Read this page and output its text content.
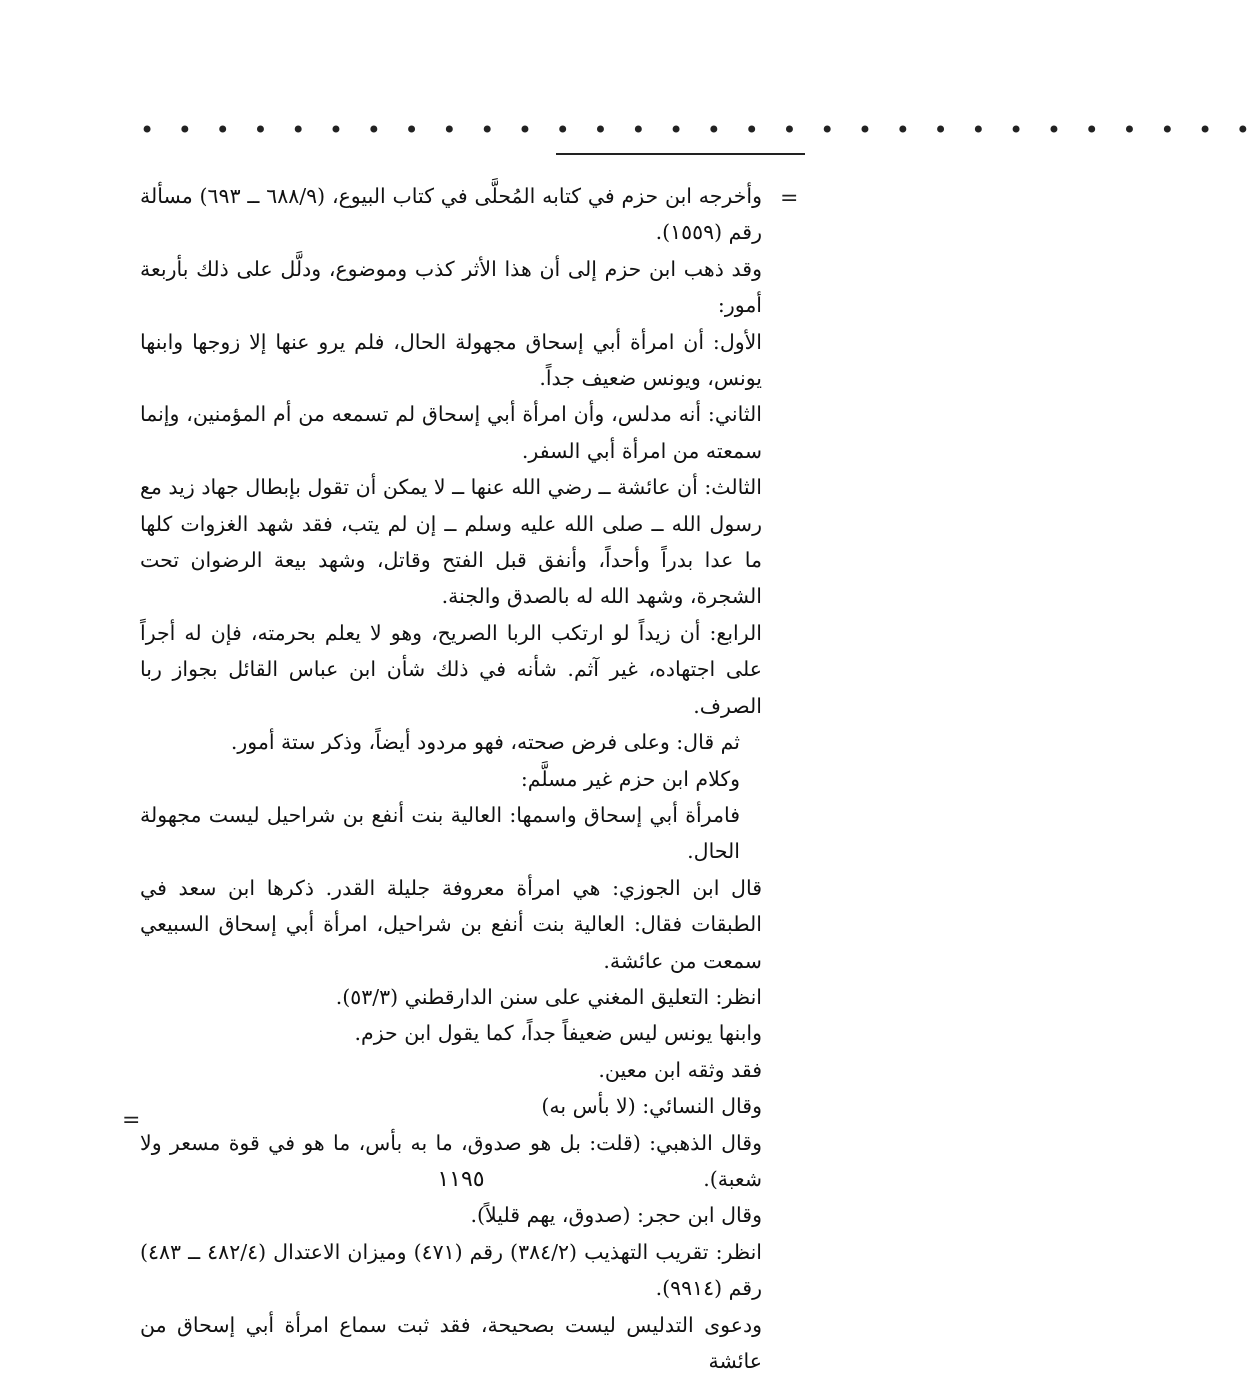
• • • • • • • • • • • • • • • • • • • • • • • • • • • • • •
=
=

وأخرجه ابن حزم في كتابه المُحلَّى في كتاب البيوع، (٦٨٨/٩ ــ ٦٩٣) مسألة رقم (١٥٥٩).

وقد ذهب ابن حزم إلى أن هذا الأثر كذب وموضوع، ودلَّل على ذلك بأربعة أمور:

الأول: أن امرأة أبي إسحاق مجهولة الحال، فلم يرو عنها إلا زوجها وابنها يونس، ويونس ضعيف جداً.

الثاني: أنه مدلس، وأن امرأة أبي إسحاق لم تسمعه من أم المؤمنين، وإنما سمعته من امرأة أبي السفر.

الثالث: أن عائشة ــ رضي الله عنها ــ لا يمكن أن تقول بإبطال جهاد زيد مع رسول الله ــ صلى الله عليه وسلم ــ إن لم يتب، فقد شهد الغزوات كلها ما عدا بدراً وأحداً، وأنفق قبل الفتح وقاتل، وشهد بيعة الرضوان تحت الشجرة، وشهد الله له بالصدق والجنة.

الرابع: أن زيداً لو ارتكب الربا الصريح، وهو لا يعلم بحرمته، فإن له أجراً على اجتهاده، غير آثم. شأنه في ذلك شأن ابن عباس القائل بجواز ربا الصرف.

ثم قال: وعلى فرض صحته، فهو مردود أيضاً، وذكر ستة أمور.

وكلام ابن حزم غير مسلَّم:

فامرأة أبي إسحاق واسمها: العالية بنت أنفع بن شراحيل ليست مجهولة الحال.

قال ابن الجوزي: هي امرأة معروفة جليلة القدر. ذكرها ابن سعد في الطبقات فقال: العالية بنت أنفع بن شراحيل، امرأة أبي إسحاق السبيعي سمعت من عائشة.

انظر: التعليق المغني على سنن الدارقطني (٥٣/٣).

وابنها يونس ليس ضعيفاً جداً، كما يقول ابن حزم.

فقد وثقه ابن معين.

وقال النسائي: (لا بأس به)

وقال الذهبي: (قلت: بل هو صدوق، ما به بأس، ما هو في قوة مسعر ولا شعبة).

وقال ابن حجر: (صدوق، يهم قليلاً).

انظر: تقريب التهذيب (٣٨٤/٢) رقم (٤٧١) وميزان الاعتدال (٤٨٢/٤ ــ ٤٨٣) رقم (٩٩١٤).

ودعوى التدليس ليست بصحيحة، فقد ثبت سماع امرأة أبي إسحاق من عائشة

١١٩٥
